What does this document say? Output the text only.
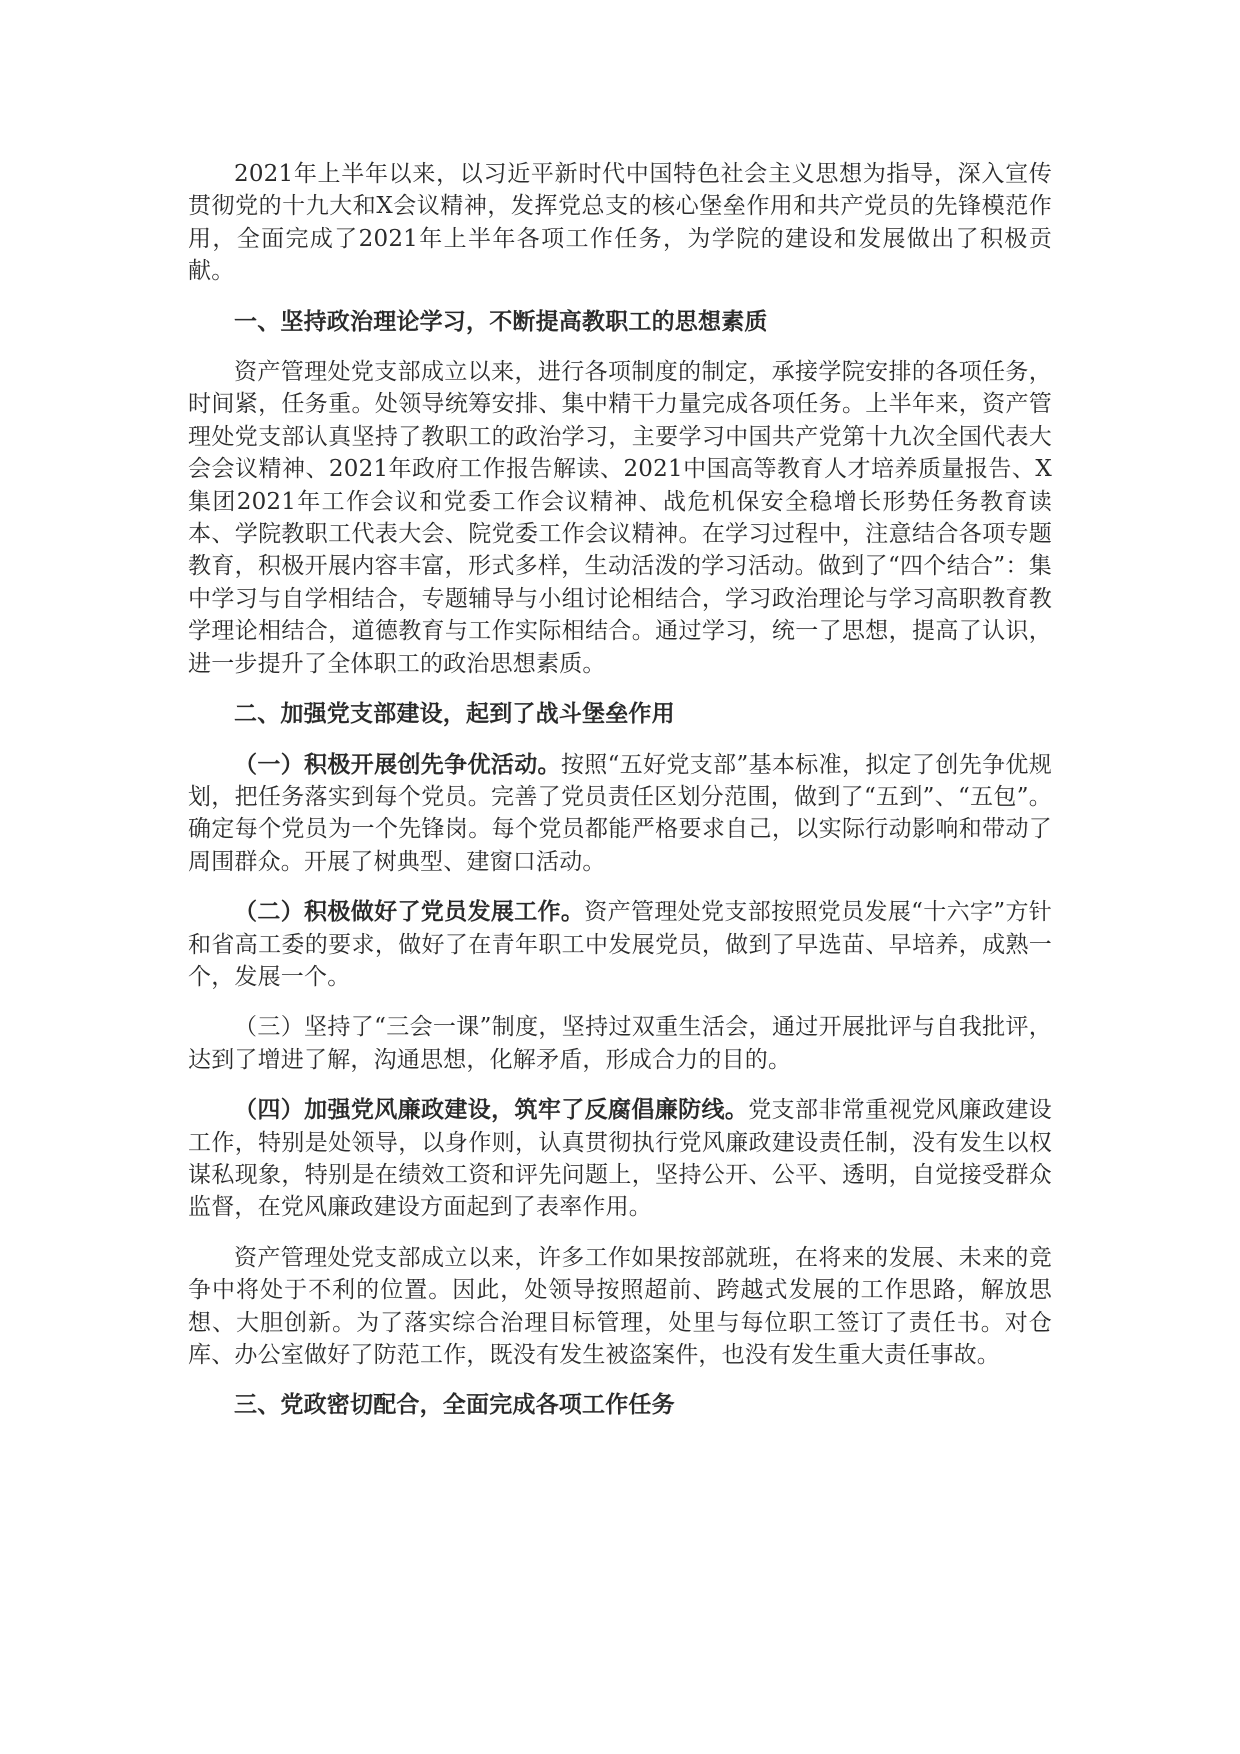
2021年上半年以来，以习近平新时代中国特色社会主义思想为指导，深入宣传贯彻党的十九大和X会议精神，发挥党总支的核心堡垒作用和共产党员的先锋模范作用，全面完成了2021年上半年各项工作任务，为学院的建设和发展做出了积极贡献。

一、坚持政治理论学习，不断提高教职工的思想素质

资产管理处党支部成立以来，进行各项制度的制定，承接学院安排的各项任务，时间紧，任务重。处领导统筹安排、集中精干力量完成各项任务。上半年来，资产管理处党支部认真坚持了教职工的政治学习，主要学习中国共产党第十九次全国代表大会会议精神、2021年政府工作报告解读、2021中国高等教育人才培养质量报告、X集团2021年工作会议和党委工作会议精神、战危机保安全稳增长形势任务教育读本、学院教职工代表大会、院党委工作会议精神。在学习过程中，注意结合各项专题教育，积极开展内容丰富，形式多样，生动活泼的学习活动。做到了“四个结合”：集中学习与自学相结合，专题辅导与小组讨论相结合，学习政治理论与学习高职教育教学理论相结合，道德教育与工作实际相结合。通过学习，统一了思想，提高了认识，进一步提升了全体职工的政治思想素质。

二、加强党支部建设，起到了战斗堡垒作用

（一）积极开展创先争优活动。按照“五好党支部”基本标准，拟定了创先争优规划，把任务落实到每个党员。完善了党员责任区划分范围，做到了“五到”、“五包”。确定每个党员为一个先锋岗。每个党员都能严格要求自己，以实际行动影响和带动了周围群众。开展了树典型、建窗口活动。

（二）积极做好了党员发展工作。资产管理处党支部按照党员发展“十六字”方针和省高工委的要求，做好了在青年职工中发展党员，做到了早选苗、早培养，成熟一个，发展一个。

（三）坚持了“三会一课”制度，坚持过双重生活会，通过开展批评与自我批评，达到了增进了解，沟通思想，化解矛盾，形成合力的目的。

（四）加强党风廉政建设，筑牢了反腐倡廉防线。党支部非常重视党风廉政建设工作，特别是处领导，以身作则，认真贯彻执行党风廉政建设责任制，没有发生以权谋私现象，特别是在绩效工资和评先问题上，坚持公开、公平、透明，自觉接受群众监督，在党风廉政建设方面起到了表率作用。

资产管理处党支部成立以来，许多工作如果按部就班，在将来的发展、未来的竞争中将处于不利的位置。因此，处领导按照超前、跨越式发展的工作思路，解放思想、大胆创新。为了落实综合治理目标管理，处里与每位职工签订了责任书。对仓库、办公室做好了防范工作，既没有发生被盗案件，也没有发生重大责任事故。

三、党政密切配合，全面完成各项工作任务
